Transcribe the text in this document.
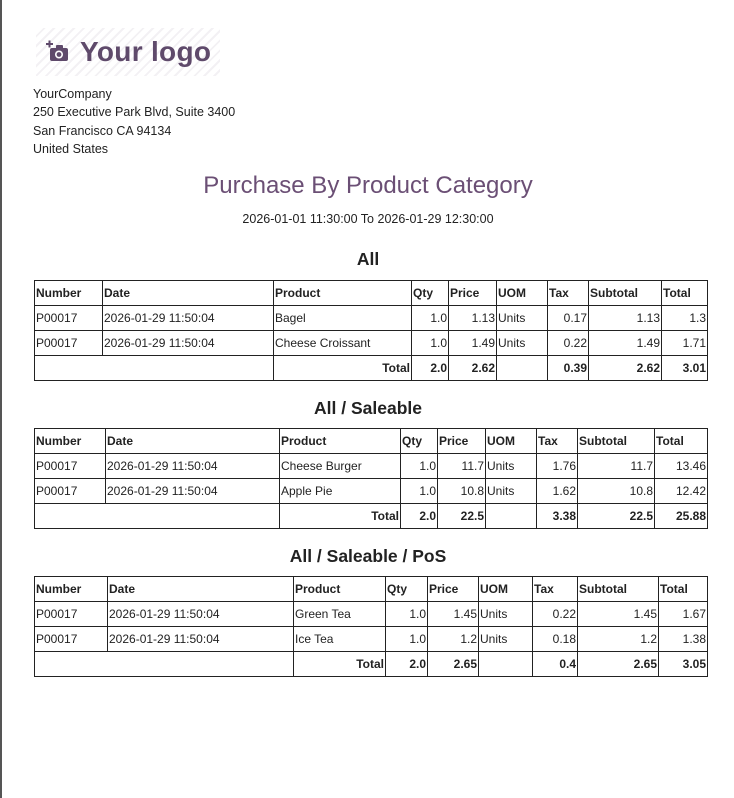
Your logo
YourCompany
250 Executive Park Blvd, Suite 3400
San Francisco CA 94134
United States
Purchase By Product Category
2026-01-01 11:30:00 To 2026-01-29 12:30:00
All
Number	Date	Product	Qty	Price	UOM	Tax	Subtotal	Total
P00017	2026-01-29 11:50:04	Bagel	1.0	1.13	Units	0.17	1.13	1.3
P00017	2026-01-29 11:50:04	Cheese Croissant	1.0	1.49	Units	0.22	1.49	1.71
		Total	2.0	2.62		0.39	2.62	3.01
All / Saleable
Number	Date	Product	Qty	Price	UOM	Tax	Subtotal	Total
P00017	2026-01-29 11:50:04	Cheese Burger	1.0	11.7	Units	1.76	11.7	13.46
P00017	2026-01-29 11:50:04	Apple Pie	1.0	10.8	Units	1.62	10.8	12.42
		Total	2.0	22.5		3.38	22.5	25.88
All / Saleable / PoS
Number	Date	Product	Qty	Price	UOM	Tax	Subtotal	Total
P00017	2026-01-29 11:50:04	Green Tea	1.0	1.45	Units	0.22	1.45	1.67
P00017	2026-01-29 11:50:04	Ice Tea	1.0	1.2	Units	0.18	1.2	1.38
		Total	2.0	2.65		0.4	2.65	3.05
